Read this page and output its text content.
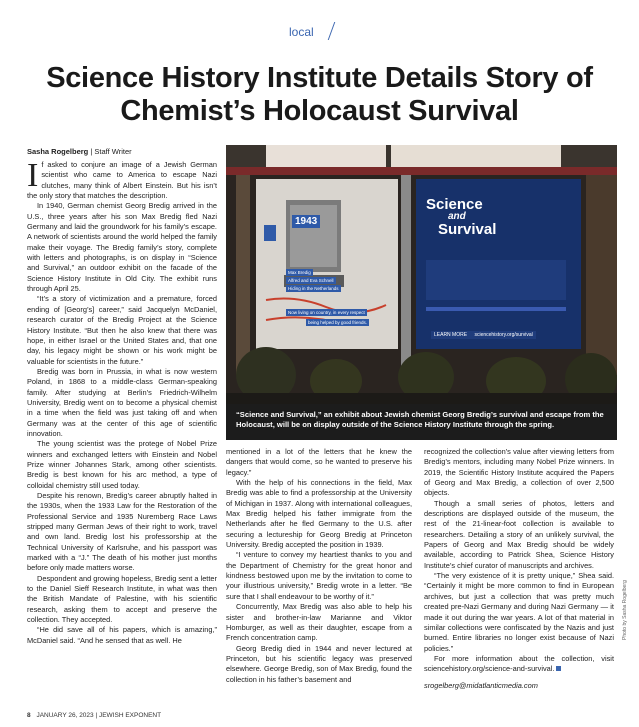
local
Science History Institute Details Story of Chemist’s Holocaust Survival
Sasha Rogelberg | Staff Writer

If asked to conjure an image of a Jewish German scientist who came to America to escape Nazi clutches, many think of Albert Einstein. But his isn’t the only story that matches the description.

In 1940, German chemist Georg Bredig arrived in the U.S., three years after his son Max Bredig fled Nazi Germany and laid the groundwork for his family’s escape. A network of scientists around the world helped the family make their voyage. The Bredig family’s story, complete with letters and photographs, is on display in “Science and Survival,” an outdoor exhibit on the facade of the Science History Institute in Old City. The exhibit runs through April 25.

“It’s a story of victimization and a premature, forced ending of [Georg’s] career,” said Jacquelyn McDaniel, research curator of the Bredig Project at the Science History Institute. “But then he also knew that there was hope, in either Israel or the United States and, that one day, his legacy might be shown or his work might be valuable for scientists in the future.”

Bredig was born in Prussia, in what is now western Poland, in 1868 to a middle-class German-speaking family. After studying at Berlin’s Friedrich-Wilhelm University, Bredig went on to become a physical chemist in a time when the field was just taking off and when Germany was at the center of this age of scientific innovation.

The young scientist was the protege of Nobel Prize winners and exchanged letters with Einstein and Nobel Prize winner Johannes Stark, among other scientists. Bredig is best known for his arc method, a type of colloidal chemistry still used today.

Despite his renown, Bredig’s career abruptly halted in the 1930s, when the 1933 Law for the Restoration of the Professional Service and 1935 Nuremberg Race Laws stripped many German Jews of their right to work, travel and own land. Bredig lost his professorship at the Technical University of Karlsruhe, and his passport was marked with a “J.” The death of his mother just months before only made matters worse.

Despondent and growing hopeless, Bredig sent a letter to the Daniel Sieff Research Institute, in what was then the British Mandate of Palestine, with his scientific research, asking them to accept and preserve the collection. They accepted.

“He did save all of his papers, which is amazing,” McDaniel said. “And he sensed that as well. He

1943
Max Bredig
Alfred and Eva Schnell
Hiding in the Netherlands
Now living on country, in every respect
being helped by good friends.
Science
and
Survival
LEARN MORE sciencehistory.org/survival
“Science and Survival,” an exhibit about Jewish chemist Georg Bredig’s survival and escape from the Holocaust, will be on display outside of the Science History Institute through the spring.
Photo by Sasha Rogelberg

mentioned in a lot of the letters that he knew the dangers that would come, so he wanted to preserve his legacy.”

With the help of his connections in the field, Max Bredig was able to find a professorship at the University of Michigan in 1937. Along with international colleagues, Max Bredig helped his father immigrate from the Netherlands after he fled Germany to the U.S. after securing a lectureship for Georg Bredig at Princeton University. Bredig accepted the position in 1939.

“I venture to convey my heartiest thanks to you and the Department of Chemistry for the great honor and kindness bestowed upon me by the invitation to come to your illustrious university,” Bredig wrote in a letter. “Be sure that I shall endeavour to be worthy of it.”

Concurrently, Max Bredig was also able to help his sister and brother-in-law Marianne and Viktor Homburger, as well as their daughter, escape from a French concentration camp.

Georg Bredig died in 1944 and never lectured at Princeton, but his scientific legacy was preserved elsewhere. George Bredig, son of Max Bredig, found the collection in his father’s basement and

recognized the collection’s value after viewing letters from Bredig’s mentors, including many Nobel Prize winners. In 2019, the Scientific History Institute acquired the Papers of Georg and Max Bredig, a collection of over 2,500 objects.

Though a small series of photos, letters and descriptions are displayed outside of the museum, the rest of the 21-linear-foot collection is available to researchers. Detailing a story of an unlikely survival, the Papers of Georg and Max Bredig should be widely available, according to Patrick Shea, Science History Institute’s chief curator of manuscripts and archives.

“The very existence of it is pretty unique,” Shea said. “Certainly it might be more common to find in European archives, but just a collection that was pretty much created pre-Nazi Germany and during Nazi Germany — it made it out during the war years. A lot of that material in similar collections were confiscated by the Nazis and just burned. Entire libraries no longer exist because of Nazi policies.”

For more information about the collection, visit sciencehistory.org/science-and-survival.

srogelberg@midatlanticmedia.com

8 JANUARY 26, 2023 | JEWISH EXPONENT
